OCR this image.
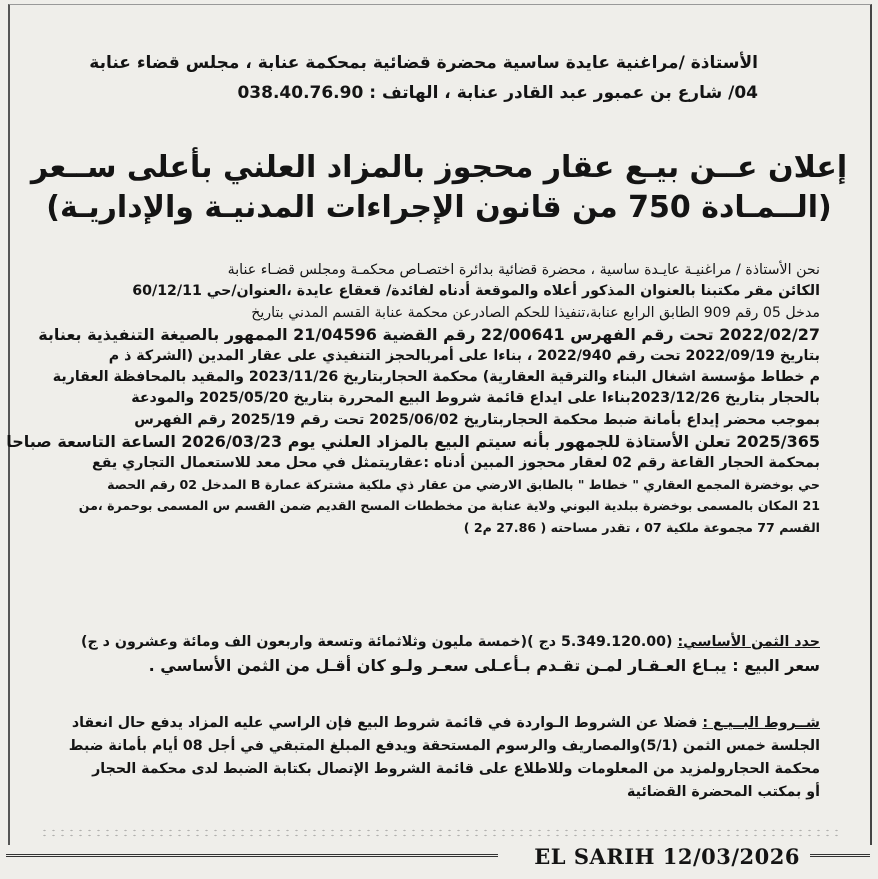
الأستاذة /مراغنية عايدة ساسية محضرة قضائية بمحكمة عنابة ، مجلس قضاء عنابة
04/ شارع بن عمبور عبد القادر عنابة ، الهاتف : 038.40.76.90
إعلان عــن بيـع عقار محجوز بالمزاد العلني بأعلى ســعر
(الــمـادة 750 من قانون الإجراءات المدنيـة والإداريـة)
نحن الأستاذة / مراغنيـة عايـدة ساسية ، محضرة قضائية بدائرة اختصـاص محكمـة ومجلس قضـاء عنابة
الكائن مقر مكتبنا بالعنوان المذكور أعلاه والموقعة أدناه لفائدة/ قعقاع عايدة ،العنوان/حي 60/12/11
مدخل 05 رقم 909 الطابق الرابع عنابة،تنفيذا للحكم الصادرعن محكمة عنابة القسم المدني بتاريخ
2022/02/27 تحت رقم الفهرس 22/00641 رقم القضية 21/04596 الممهور بالصيغة التنفيذية بعنابة
بتاريخ 2022/09/19 تحت رقم 2022/940 ، بناءا على أمربالحجز التنفيذي على عقار المدين (الشركة ذ م
م خطاط مؤسسة اشغال البناء والترقية العقارية) محكمة الحجاربتاريخ 2023/11/26 والمقيد بالمحافظة العقارية
بالحجار بتاريخ 2023/12/26بناءا على ايداع قائمة شروط البيع المحررة بتاريخ 2025/05/20 والمودعة
بموجب محضر إيداع بأمانة ضبط محكمة الحجاربتاريخ 2025/06/02 تحت رقم 2025/19 رقم الفهرس
2025/365 تعلن الأستاذة للجمهور بأنه سيتم البيع بالمزاد العلني يوم 2026/03/23 الساعة التاسعة صباحا
بمحكمة الحجار القاعة رقم 02 لعقار محجوز المبين أدناه :عقاريتمثل في محل معد للاستعمال التجاري يقع
حي بوخضرة المجمع العقاري " خطاط " بالطابق الارضي من عقار ذي ملكية مشتركة عمارة B المدخل 02 رقم الحصة
21 المكان بالمسمى بوخضرة ببلدية البوني ولاية عنابة من مخططات المسح القديم ضمن القسم س المسمى بوحمرة ،من
القسم 77 مجموعة ملكية 07 ، تقدر مساحته ( 27.86 م2 )
حدد الثمن الأساسي: (5.349.120.00 دج )(خمسة مليون وثلاثمائة وتسعة واربعون الف ومائة وعشرون د ج)
سعر البيع : يبـاع العـقـار لمـن تقـدم بـأعـلى سعـر ولـو كان أقـل من الثمن الأساسي .
شــروط البــيـع : فضلا عن الشروط الـواردة في قائمة شروط البيع فإن الراسي عليه المزاد يدفع حال انعقاد
الجلسة خمس الثمن (5/1)والمصاريف والرسوم المستحقة ويدفع المبلغ المتبقي في أجل 08 أيام بأمانة ضبط
محكمة الحجارولمزيد من المعلومات وللاطلاع على قائمة الشروط الإتصال بكتابة الضبط لدى محكمة الحجار
أو بمكتب المحضرة القضائية
EL SARIH 12/03/2026
